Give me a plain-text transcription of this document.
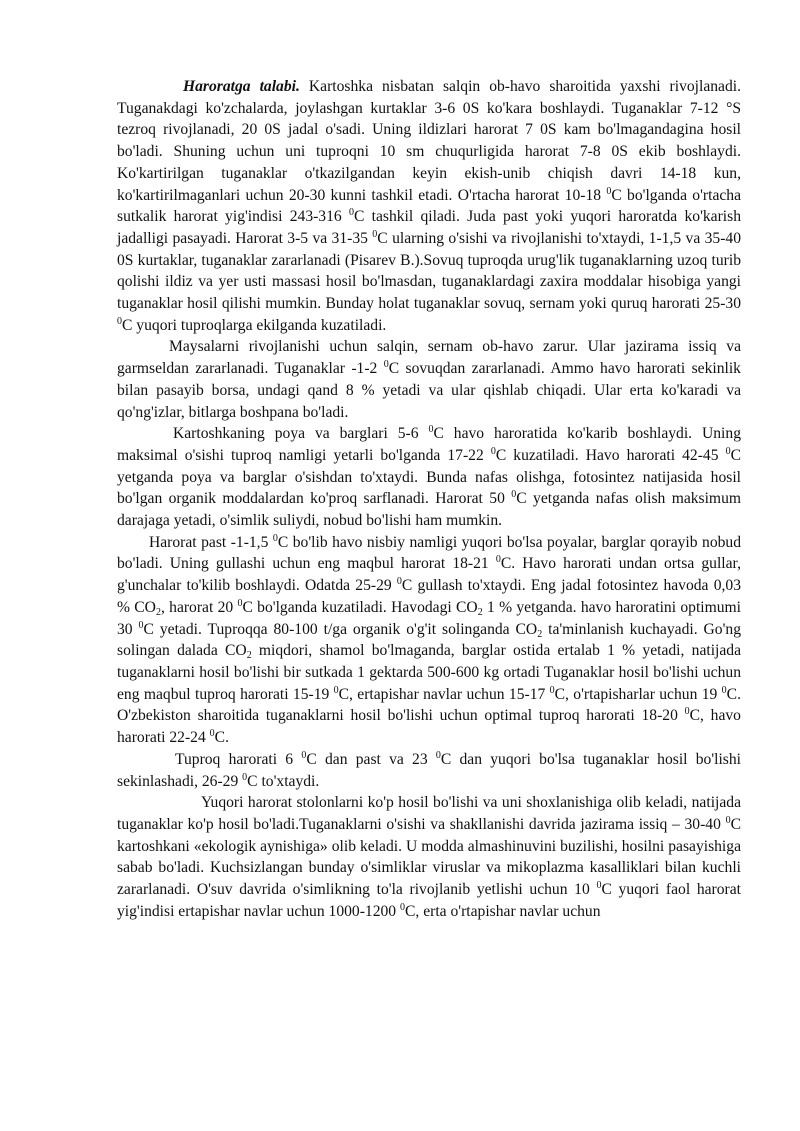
Haroratga talabi. Kartoshka nisbatan salqin ob-havo sharoitida yaxshi rivojlanadi. Tuganakdagi ko'zchalarda, joylashgan kurtaklar 3-6 0S ko'kara boshlaydi. Tuganaklar 7-12 °S tezroq rivojlanadi, 20 0S jadal o'sadi. Uning ildizlari harorat 7 0S kam bo'lmagandagina hosil bo'ladi. Shuning uchun uni tuproqni 10 sm chuqurligida harorat 7-8 0S ekib boshlaydi. Ko'kartirilgan tuganaklar o'tkazilgandan keyin ekish-unib chiqish davri 14-18 kun, ko'kartirilmaganlari uchun 20-30 kunni tashkil etadi. O'rtacha harorat 10-18 $^0$C bo'lganda o'rtacha sutkalik harorat yig'indisi 243-316 $^0$C tashkil qiladi. Juda past yoki yuqori haroratda ko'karish jadalligi pasayadi. Harorat 3-5 va 31-35 $^0$C ularning o'sishi va rivojlanishi to'xtaydi, 1-1,5 va 35-40 0S kurtaklar, tuganaklar zararlanadi (Pisarev B.).Sovuq tuproqda urug'lik tuganaklarning uzoq turib qolishi ildiz va yer usti massasi hosil bo'lmasdan, tuganaklardagi zaxira moddalar hisobiga yangi tuganaklar hosil qilishi mumkin. Bunday holat tuganaklar sovuq, sernam yoki quruq harorati 25-30 $^0$C yuqori tuproqlarga ekilganda kuzatiladi.

Maysalarni rivojlanishi uchun salqin, sernam ob-havo zarur. Ular jazirama issiq va garmseldan zararlanadi. Tuganaklar -1-2 $^0$C sovuqdan zararlanadi. Ammo havo harorati sekinlik bilan pasayib borsa, undagi qand 8 % yetadi va ular qishlab chiqadi. Ular erta ko'karadi va qo'ng'izlar, bitlarga boshpana bo'ladi.

Kartoshkaning poya va barglari 5-6 $^0$C havo haroratida ko'karib boshlaydi. Uning maksimal o'sishi tuproq namligi yetarli bo'lganda 17-22 $^0$C kuzatiladi. Havo harorati 42-45 $^0$C yetganda poya va barglar o'sishdan to'xtaydi. Bunda nafas olishga, fotosintez natijasida hosil bo'lgan organik moddalardan ko'proq sarflanadi. Harorat 50 $^0$C yetganda nafas olish maksimum darajaga yetadi, o'simlik suliydi, nobud bo'lishi ham mumkin.

Harorat past -1-1,5 $^0$C bo'lib havo nisbiy namligi yuqori bo'lsa poyalar, barglar qorayib nobud bo'ladi. Uning gullashi uchun eng maqbul harorat 18-21 $^0$C. Havo harorati undan ortsa gullar, g'unchalar to'kilib boshlaydi. Odatda 25-29 $^0$C gullash to'xtaydi. Eng jadal fotosintez havoda 0,03 % $CO_2$, harorat 20 $^0$C bo'lganda kuzatiladi. Havodagi $CO_2$ 1 % yetganda. havo haroratini optimumi 30 $^0$C yetadi. Tuproqqa 80-100 t/ga organik o'g'it solinganda $CO_2$ ta'minlanish kuchayadi. Go'ng solingan dalada $CO_2$ miqdori, shamol bo'lmaganda, barglar ostida ertalab 1 % yetadi, natijada tuganaklarni hosil bo'lishi bir sutkada 1 gektarda 500-600 kg ortadi Tuganaklar hosil bo'lishi uchun eng maqbul tuproq harorati 15-19 $^0$C, ertapishar navlar uchun 15-17 $^0$C, o'rtapisharlar uchun 19 $^0$C. O'zbekiston sharoitida tuganaklarni hosil bo'lishi uchun optimal tuproq harorati 18-20 $^0$C, havo harorati 22-24 $^0$C.

Tuproq harorati 6 $^0$C dan past va 23 $^0$C dan yuqori bo'lsa tuganaklar hosil bo'lishi sekinlashadi, 26-29 $^0$C to'xtaydi.

Yuqori harorat stolonlarni ko'p hosil bo'lishi va uni shoxlanishiga olib keladi, natijada tuganaklar ko'p hosil bo'ladi.Tuganaklarni o'sishi va shakllanishi davrida jazirama issiq – 30-40 $^0$C kartoshkani «ekologik aynishiga» olib keladi. U modda almashinuvini buzilishi, hosilni pasayishiga sabab bo'ladi. Kuchsizlangan bunday o'simliklar viruslar va mikoplazma kasalliklari bilan kuchli zararlanadi. O'suv davrida o'simlikning to'la rivojlanib yetlishi uchun 10 $^0$C yuqori faol harorat yig'indisi ertapishar navlar uchun 1000-1200 $^0$C, erta o'rtapishar navlar uchun
